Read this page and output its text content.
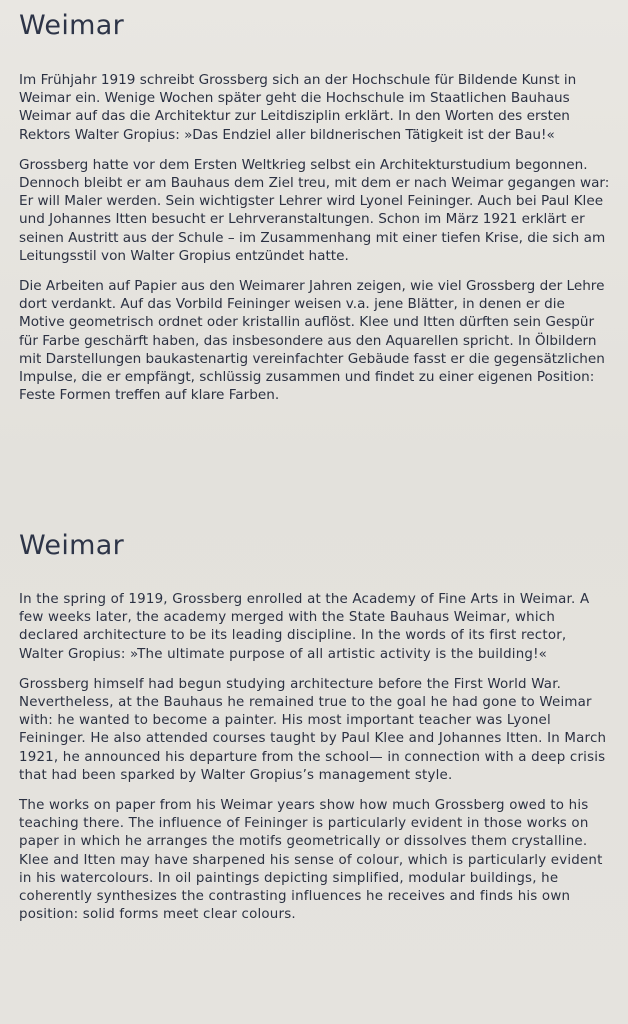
Weimar

Im Frühjahr 1919 schreibt Grossberg sich an der Hochschule für Bildende Kunst in Weimar ein. Wenige Wochen später geht die Hochschule im Staatlichen Bauhaus Weimar auf das die Architektur zur Leitdisziplin erklärt. In den Worten des ersten Rektors Walter Gropius: »Das Endziel aller bildnerischen Tätigkeit ist der Bau!«

Grossberg hatte vor dem Ersten Weltkrieg selbst ein Architekturstudium begonnen. Dennoch bleibt er am Bauhaus dem Ziel treu, mit dem er nach Weimar gegangen war: Er will Maler werden. Sein wichtigster Lehrer wird Lyonel Feininger. Auch bei Paul Klee und Johannes Itten besucht er Lehrveranstaltungen. Schon im März 1921 erklärt er seinen Austritt aus der Schule – im Zusammenhang mit einer tiefen Krise, die sich am Leitungsstil von Walter Gropius entzündet hatte.

Die Arbeiten auf Papier aus den Weimarer Jahren zeigen, wie viel Grossberg der Lehre dort verdankt. Auf das Vorbild Feininger weisen v.a. jene Blätter, in denen er die Motive geometrisch ordnet oder kristallin auflöst. Klee und Itten dürften sein Gespür für Farbe geschärft haben, das insbesondere aus den Aquarellen spricht. In Ölbildern mit Darstellungen baukastenartig vereinfachter Gebäude fasst er die gegensätzlichen Impulse, die er empfängt, schlüssig zusammen und findet zu einer eigenen Position: Feste Formen treffen auf klare Farben.

Weimar

In the spring of 1919, Grossberg enrolled at the Academy of Fine Arts in Weimar. A few weeks later, the academy merged with the State Bauhaus Weimar, which declared architecture to be its leading discipline. In the words of its first rector, Walter Gropius: »The ultimate purpose of all artistic activity is the building!«

Grossberg himself had begun studying architecture before the First World War. Nevertheless, at the Bauhaus he remained true to the goal he had gone to Weimar with: he wanted to become a painter. His most important teacher was Lyonel Feininger. He also attended courses taught by Paul Klee and Johannes Itten. In March 1921, he announced his departure from the school— in connection with a deep crisis that had been sparked by Walter Gropius’s management style.

The works on paper from his Weimar years show how much Grossberg owed to his teaching there. The influence of Feininger is particularly evident in those works on paper in which he arranges the motifs geometrically or dissolves them crystalline. Klee and Itten may have sharpened his sense of colour, which is particularly evident in his watercolours. In oil paintings depicting simplified, modular buildings, he coherently synthesizes the contrasting influences he receives and finds his own position: solid forms meet clear colours.
